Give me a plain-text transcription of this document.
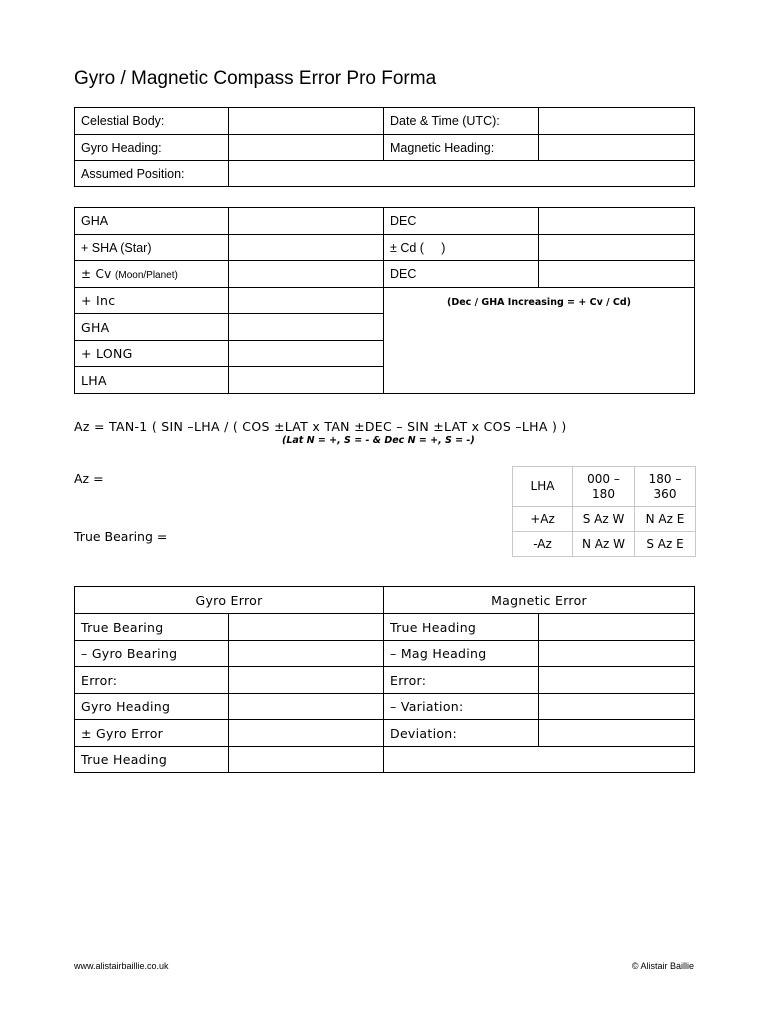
Gyro / Magnetic Compass Error Pro Forma
Celestial Body:		Date & Time (UTC):	
Gyro Heading:		Magnetic Heading:	
Assumed Position:			
GHA		DEC	
+ SHA (Star)		± Cd (     )	
± Cv (Moon/Planet)		DEC	
+ Inc		(Dec / GHA Increasing = + Cv / Cd)	
GHA			
+ LONG			
LHA			
Az = TAN-1 ( SIN –LHA / ( COS ±LAT x TAN ±DEC – SIN ±LAT x COS –LHA ) )
(Lat N = +, S = - & Dec N = +, S = -)
Az =
True Bearing =
LHA	000 – 180	180 – 360
+Az	S Az W	N Az E
-Az	N Az W	S Az E
Gyro Error		Magnetic Error	
True Bearing		True Heading	
– Gyro Bearing		– Mag Heading	
Error:		Error:	
Gyro Heading		– Variation:	
± Gyro Error		Deviation:	
True Heading			
www.alistairbaillie.co.uk	© Alistair Baillie
